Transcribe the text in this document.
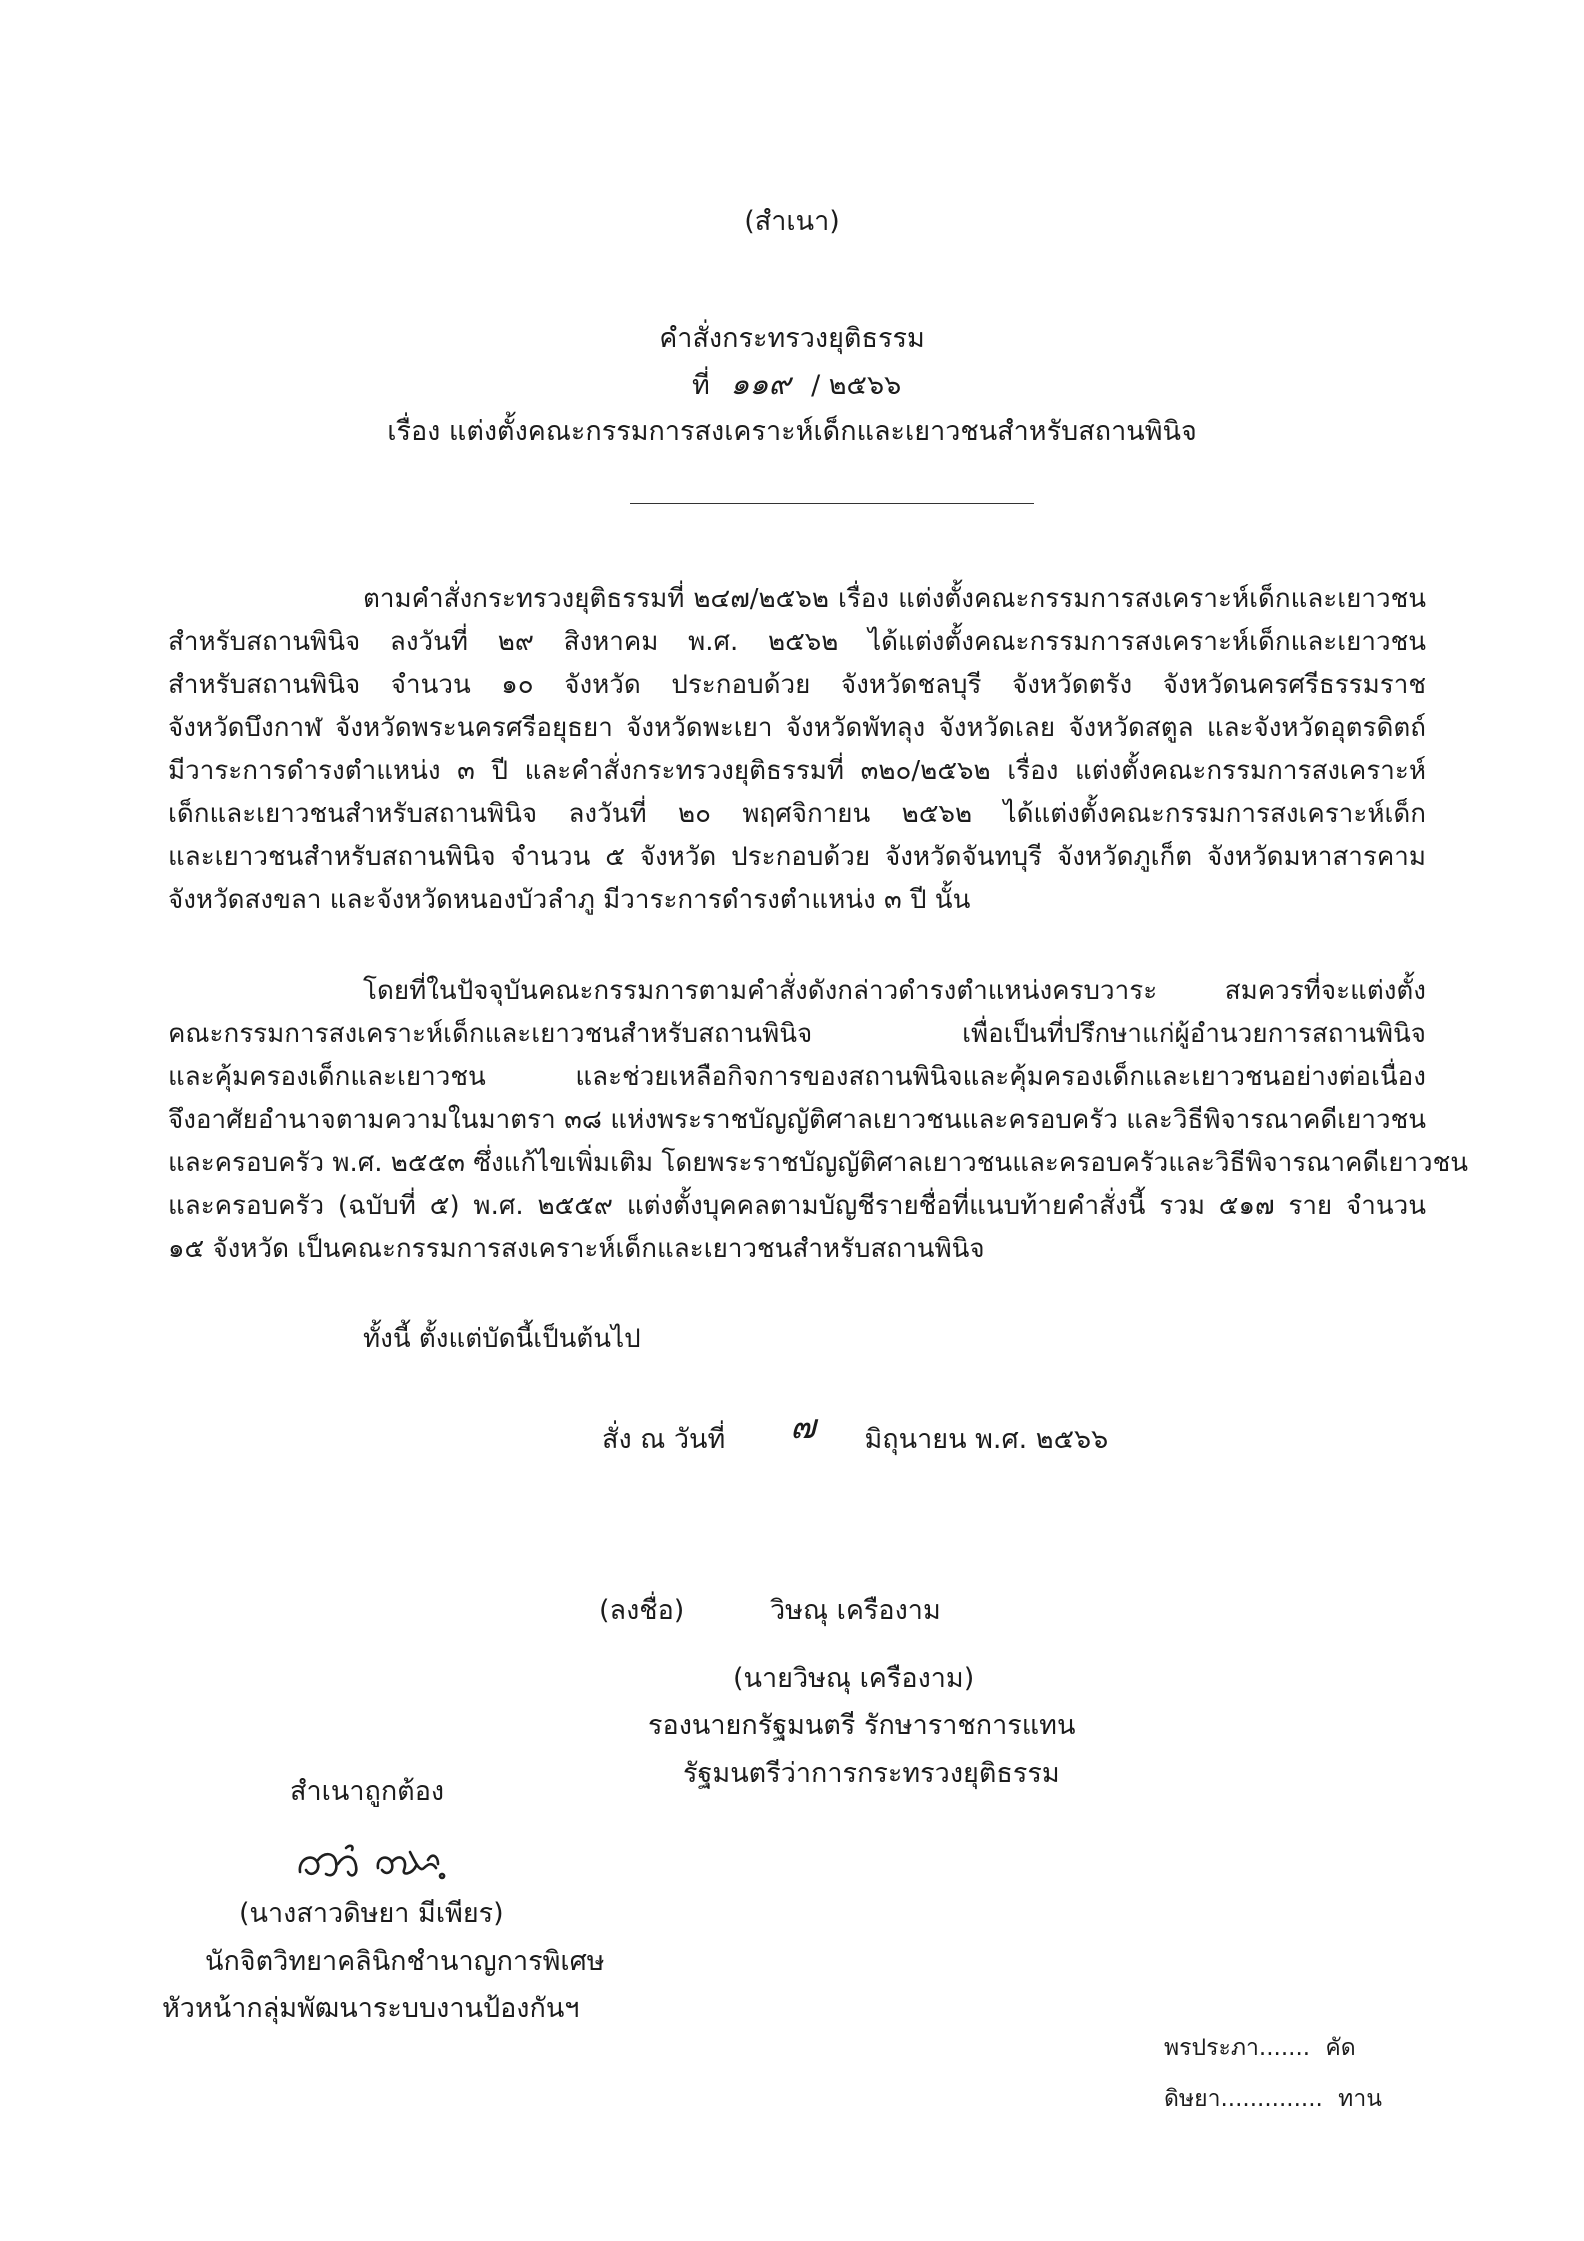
(สำเนา)
คำสั่งกระทรวงยุติธรรม
ที่ ๑๑๙ / ๒๕๖๖
เรื่อง แต่งตั้งคณะกรรมการสงเคราะห์เด็กและเยาวชนสำหรับสถานพินิจ
ตามคำสั่งกระทรวงยุติธรรมที่ ๒๔๗/๒๕๖๒ เรื่อง แต่งตั้งคณะกรรมการสงเคราะห์เด็กและเยาวชน
สำหรับสถานพินิจ ลงวันที่ ๒๙ สิงหาคม พ.ศ. ๒๕๖๒ ได้แต่งตั้งคณะกรรมการสงเคราะห์เด็กและเยาวชน
สำหรับสถานพินิจ จำนวน ๑๐ จังหวัด ประกอบด้วย จังหวัดชลบุรี จังหวัดตรัง จังหวัดนครศรีธรรมราช
จังหวัดบึงกาฬ จังหวัดพระนครศรีอยุธยา จังหวัดพะเยา จังหวัดพัทลุง จังหวัดเลย จังหวัดสตูล และจังหวัดอุตรดิตถ์
มีวาระการดำรงตำแหน่ง ๓ ปี และคำสั่งกระทรวงยุติธรรมที่ ๓๒๐/๒๕๖๒ เรื่อง แต่งตั้งคณะกรรมการสงเคราะห์
เด็กและเยาวชนสำหรับสถานพินิจ ลงวันที่ ๒๐ พฤศจิกายน ๒๕๖๒ ได้แต่งตั้งคณะกรรมการสงเคราะห์เด็ก
และเยาวชนสำหรับสถานพินิจ จำนวน ๕ จังหวัด ประกอบด้วย จังหวัดจันทบุรี จังหวัดภูเก็ต จังหวัดมหาสารคาม
จังหวัดสงขลา และจังหวัดหนองบัวลำภู มีวาระการดำรงตำแหน่ง ๓ ปี นั้น
โดยที่ในปัจจุบันคณะกรรมการตามคำสั่งดังกล่าวดำรงตำแหน่งครบวาระ สมควรที่จะแต่งตั้ง
คณะกรรมการสงเคราะห์เด็กและเยาวชนสำหรับสถานพินิจ เพื่อเป็นที่ปรึกษาแก่ผู้อำนวยการสถานพินิจ
และคุ้มครองเด็กและเยาวชน และช่วยเหลือกิจการของสถานพินิจและคุ้มครองเด็กและเยาวชนอย่างต่อเนื่อง
จึงอาศัยอำนาจตามความในมาตรา ๓๘ แห่งพระราชบัญญัติศาลเยาวชนและครอบครัว และวิธีพิจารณาคดีเยาวชน
และครอบครัว พ.ศ. ๒๕๕๓ ซึ่งแก้ไขเพิ่มเติม โดยพระราชบัญญัติศาลเยาวชนและครอบครัวและวิธีพิจารณาคดีเยาวชน
และครอบครัว (ฉบับที่ ๕) พ.ศ. ๒๕๕๙ แต่งตั้งบุคคลตามบัญชีรายชื่อที่แนบท้ายคำสั่งนี้ รวม ๕๑๗ ราย จำนวน
๑๕ จังหวัด เป็นคณะกรรมการสงเคราะห์เด็กและเยาวชนสำหรับสถานพินิจ
ทั้งนี้ ตั้งแต่บัดนี้เป็นต้นไป
สั่ง ณ วันที่ ๗ มิถุนายน พ.ศ. ๒๕๖๖
(ลงชื่อ)	วิษณุ เครืองาม
(นายวิษณุ เครืองาม)
รองนายกรัฐมนตรี รักษาราชการแทน
รัฐมนตรีว่าการกระทรวงยุติธรรม
สำเนาถูกต้อง
(นางสาวดิษยา มีเพียร)
นักจิตวิทยาคลินิกชำนาญการพิเศษ
หัวหน้ากลุ่มพัฒนาระบบงานป้องกันฯ
พรประภา....... คัด
ดิษยา.............. ทาน
